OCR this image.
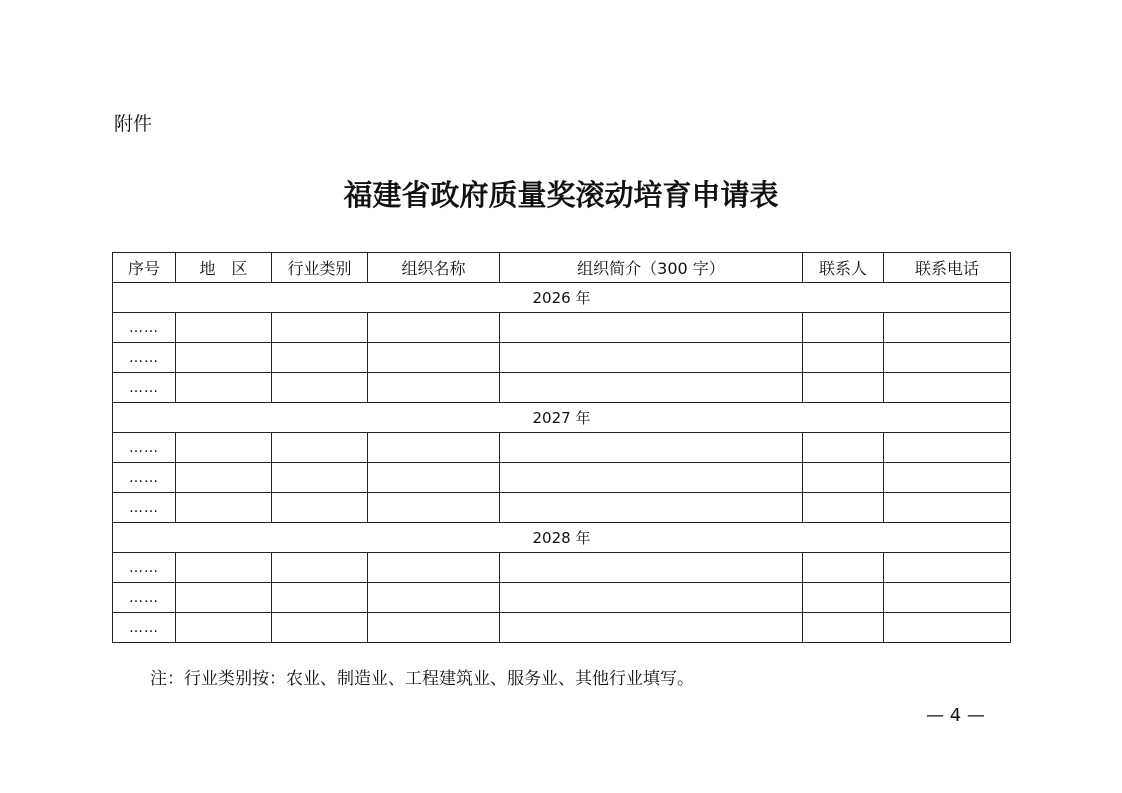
附件
福建省政府质量奖滚动培育申请表
序号	地　区	行业类别	组织名称	组织简介（300 字）	联系人	联系电话
2026 年						
……						
……						
……						
2027 年						
……						
……						
……						
2028 年						
……						
……						
……						
注：行业类别按：农业、制造业、工程建筑业、服务业、其他行业填写。
— 4 —
